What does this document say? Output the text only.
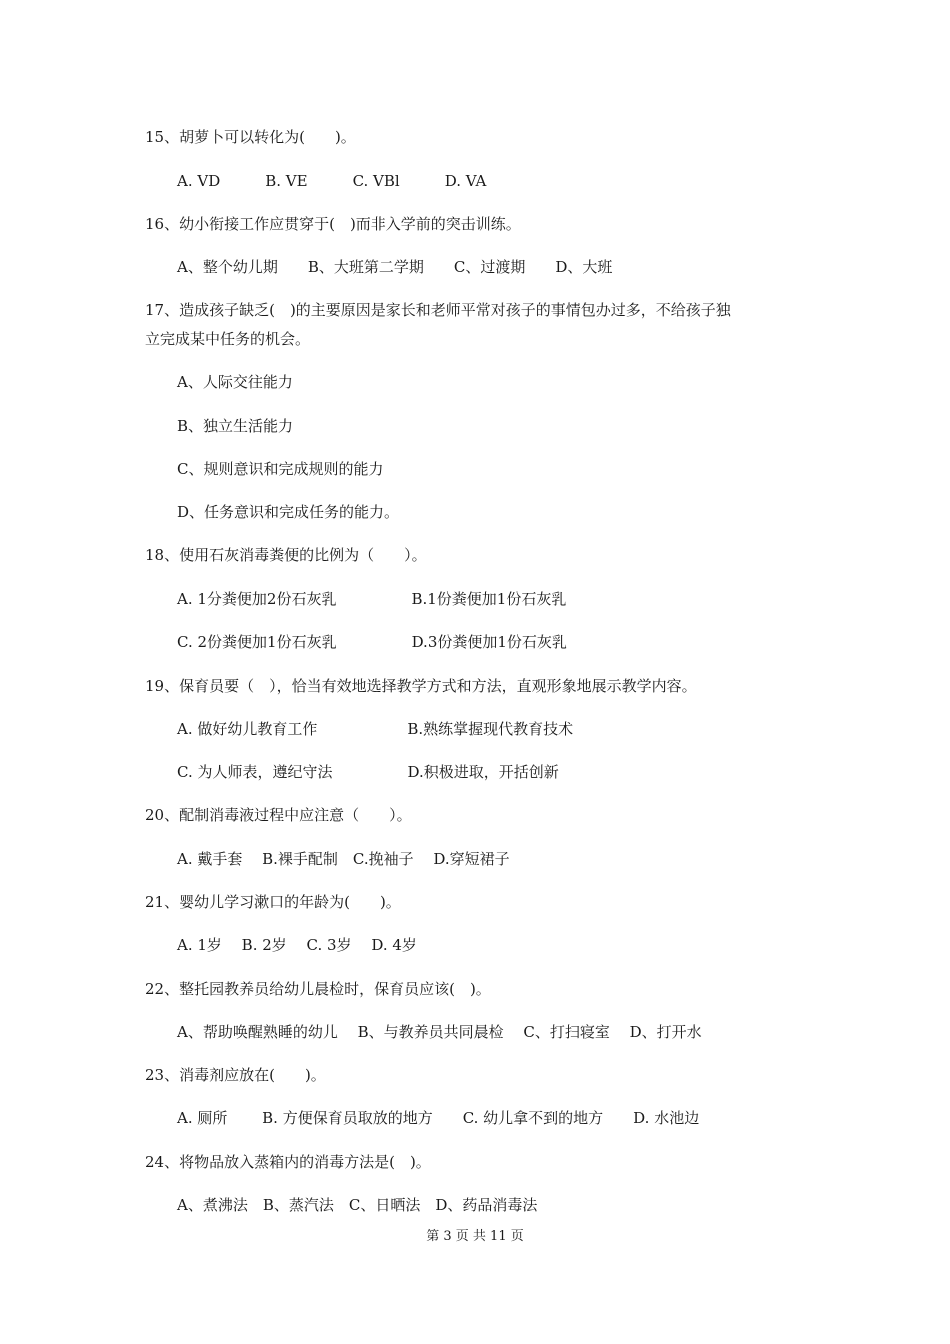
15、胡萝卜可以转化为(　　)。
A. VD　　　B. VE　　　C. VBl　　　D. VA
16、幼小衔接工作应贯穿于(　)而非入学前的突击训练。
A、整个幼儿期　　B、大班第二学期　　C、过渡期　　D、大班
17、造成孩子缺乏(　)的主要原因是家长和老师平常对孩子的事情包办过多，不给孩子独
立完成某中任务的机会。
A、人际交往能力
B、独立生活能力
C、规则意识和完成规则的能力
D、任务意识和完成任务的能力。
18、使用石灰消毒粪便的比例为（　　）。
A. 1分粪便加2份石灰乳　　　　　B.1份粪便加1份石灰乳
C. 2份粪便加1份石灰乳　　　　　D.3份粪便加1份石灰乳
19、保育员要（　），恰当有效地选择教学方式和方法，直观形象地展示教学内容。
A. 做好幼儿教育工作　　　　　　B.熟练掌握现代教育技术
C. 为人师表，遵纪守法　　　　　D.积极进取，开括创新
20、配制消毒液过程中应注意（　　）。
A. 戴手套　 B.裸手配制　C.挽袖子　 D.穿短裙子
21、婴幼儿学习漱口的年龄为(　　)。
A. 1岁　 B. 2岁　 C. 3岁　 D. 4岁
22、整托园教养员给幼儿晨检时，保育员应该(　)。
A、帮助唤醒熟睡的幼儿　 B、与教养员共同晨检　 C、打扫寝室　 D、打开水
23、消毒剂应放在(　　)。
A. 厕所　　 B. 方便保育员取放的地方　　C. 幼儿拿不到的地方　　D. 水池边
24、将物品放入蒸箱内的消毒方法是(　)。
A、煮沸法　B、蒸汽法　C、日晒法　D、药品消毒法
第 3 页 共 11 页
